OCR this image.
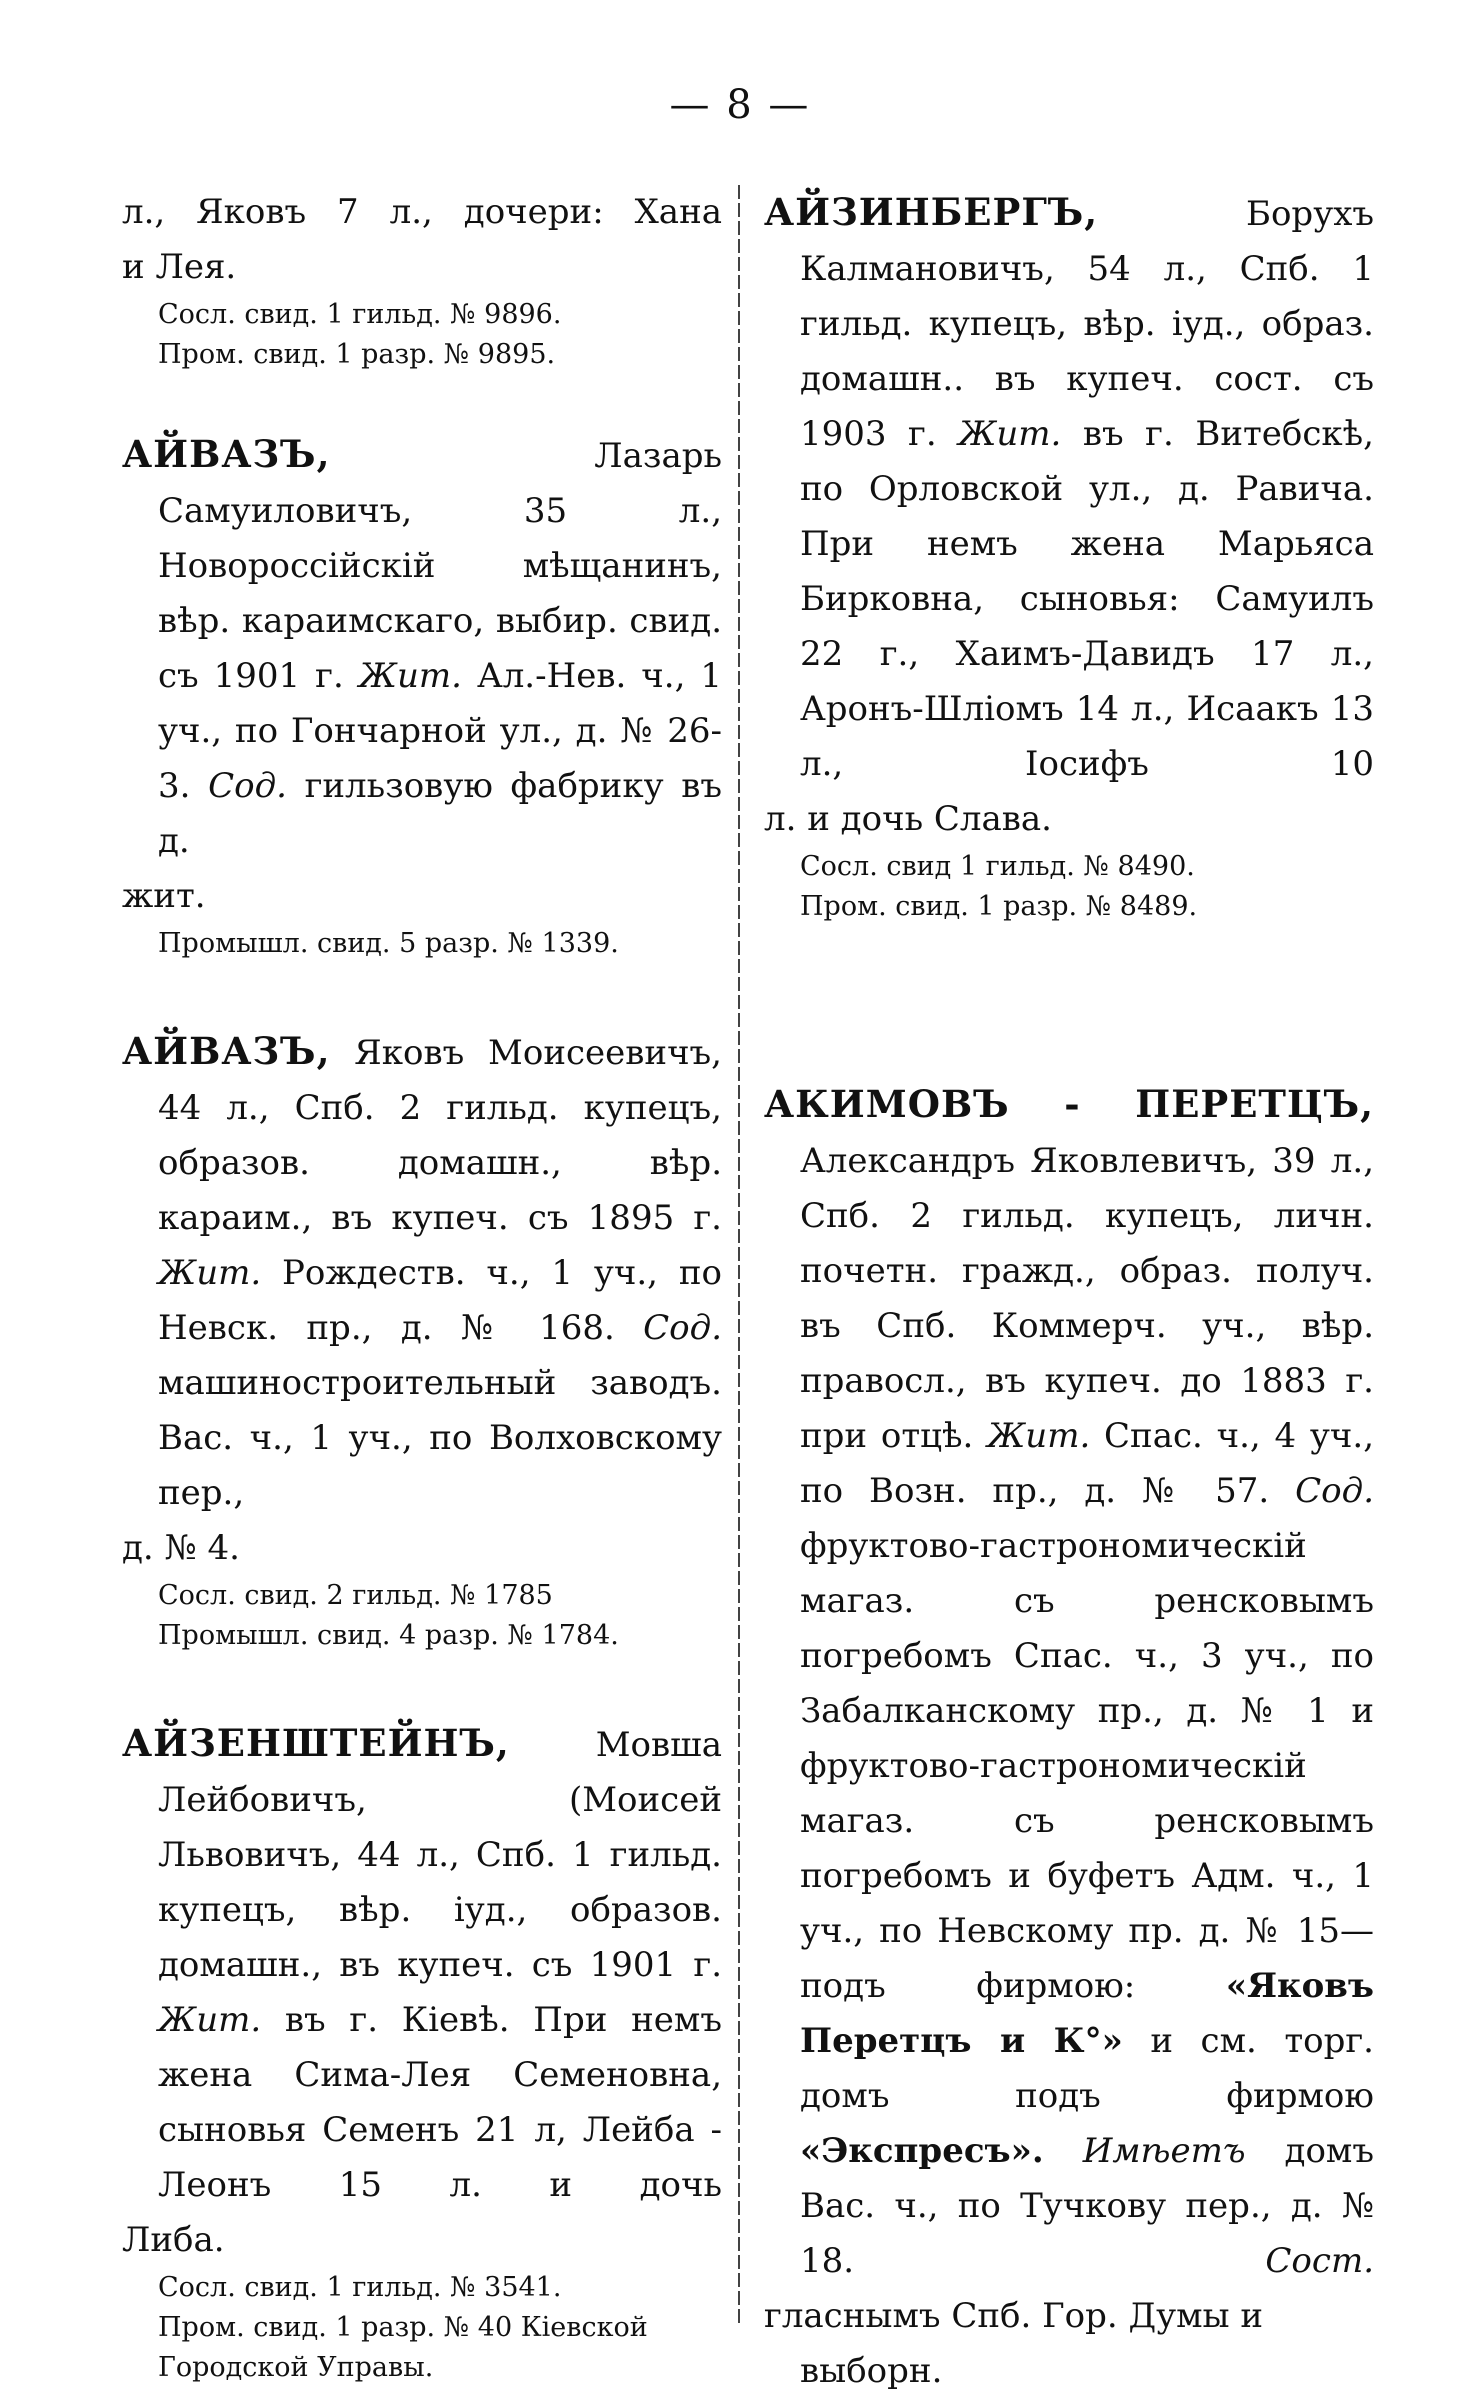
— 8 —

л., Яковъ 7 л., дочери: Хана
и Лея.

Сосл. свид. 1 гильд. № 9896.

Пром. свид. 1 разр. № 9895.

АЙВАЗЪ,	Лазарь Самуиловичъ, 35 л., Новороссійскій мѣщанинъ, вѣр. караимскаго, выбир. свид. съ 1901 г. Жит. Ал.-Нев. ч., 1 уч., по Гончарной ул., д. № 26-3. Сод. гильзовую фабрику въ д.
жит.

Промышл. свид. 5 разр. № 1339.

АЙВАЗЪ, Яковъ Моисеевичъ, 44 л., Спб. 2 гильд. купецъ, образов. домашн., вѣр. караим., въ купеч. съ 1895 г. Жит. Рождеств. ч., 1 уч., по Невск. пр., д. № 168. Сод. машиностроительный заводъ. Вас. ч., 1 уч., по Волховскому пер.,
д. № 4.

Сосл. свид. 2 гильд. № 1785

Промышл. свид. 4 разр. № 1784.

АЙЗЕНШТЕЙНЪ,	Мовша Лейбовичъ, (Моисей Львовичъ, 44 л., Спб. 1 гильд. купецъ, вѣр. іуд., образов. домашн., въ купеч. съ 1901 г. Жит. въ г. Кіевѣ. При немъ жена Сима-Лея Семеновна, сыновья Семенъ 21 л, Лейба - Леонъ 15 л. и дочь
Либа.

Сосл. свид. 1 гильд. № 3541.

Пром. свид. 1 разр. № 40 Кіевской Городской Управы.

АЙЗИНБЕРГЪ,	Борухъ Калмановичъ, 54 л., Спб. 1 гильд. купецъ, вѣр. іуд., образ. домашн.. въ купеч. сост. съ 1903 г. Жит. въ г. Витебскѣ, по Орловской ул., д. Равича. При немъ жена Марьяса Бирковна, сыновья: Самуилъ 22 г., Хаимъ-Давидъ 17 л., Аронъ-Шліомъ 14 л., Исаакъ 13 л., Іосифъ 10
л. и дочь Слава.

Сосл. свид 1 гильд. № 8490.

Пром. свид. 1 разр. № 8489.

АКИМОВЪ - ПЕРЕТЦЪ, Александръ Яковлевичъ, 39 л., Спб. 2 гильд. купецъ, личн. почетн. гражд., образ. получ. въ Спб. Коммерч. уч., вѣр. правосл., въ купеч. до 1883 г. при отцѣ. Жит. Спас. ч., 4 уч., по Возн. пр., д. № 57. Сод. фруктово-гастрономическій магаз. съ ренсковымъ погребомъ Спас. ч., 3 уч., по Забалканскому пр., д. № 1 и фруктово-гастрономическій магаз. съ ренсковымъ погребомъ и буфетъ Адм. ч., 1 уч., по Невскому пр. д. № 15—подъ фирмою:	«Яковъ Перетцъ и К°» и см. торг. домъ подъ фирмою «Экспресъ». Имѣетъ домъ Вас. ч., по Тучкову пер., д. № 18.	Сост.
гласнымъ Спб. Гор. Думы и выборн.
